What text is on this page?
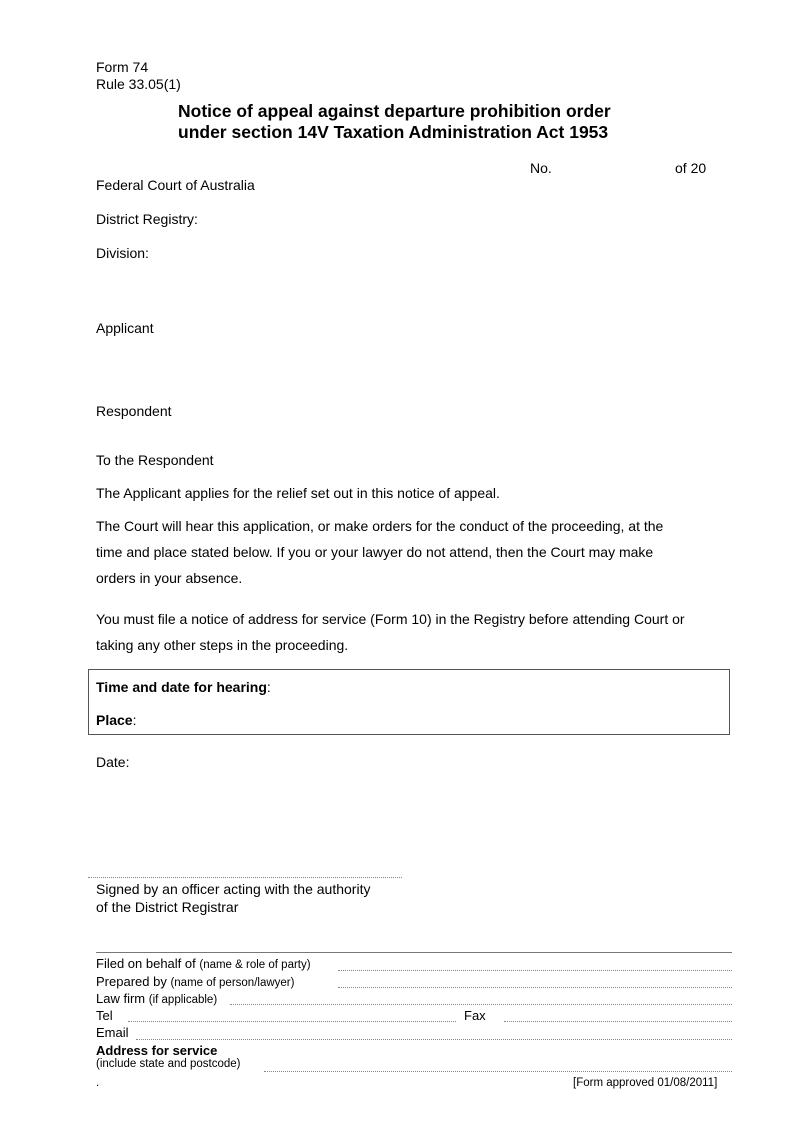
Form 74
Rule 33.05(1)
Notice of appeal against departure prohibition order
under section 14V Taxation Administration Act 1953
No.	of 20
Federal Court of Australia
District Registry:
Division:
Applicant
Respondent
To the Respondent
The Applicant applies for the relief set out in this notice of appeal.
The Court will hear this application, or make orders for the conduct of the proceeding, at the
time and place stated below. If you or your lawyer do not attend, then the Court may make
orders in your absence.
You must file a notice of address for service (Form 10) in the Registry before attending Court or
taking any other steps in the proceeding.
Time and date for hearing:
Place:
Date:
Signed by an officer acting with the authority
of the District Registrar
Filed on behalf of (name & role of party)
Prepared by (name of person/lawyer)
Law firm (if applicable)
Tel	Fax
Email
Address for service
(include state and postcode)
.	[Form approved 01/08/2011]
